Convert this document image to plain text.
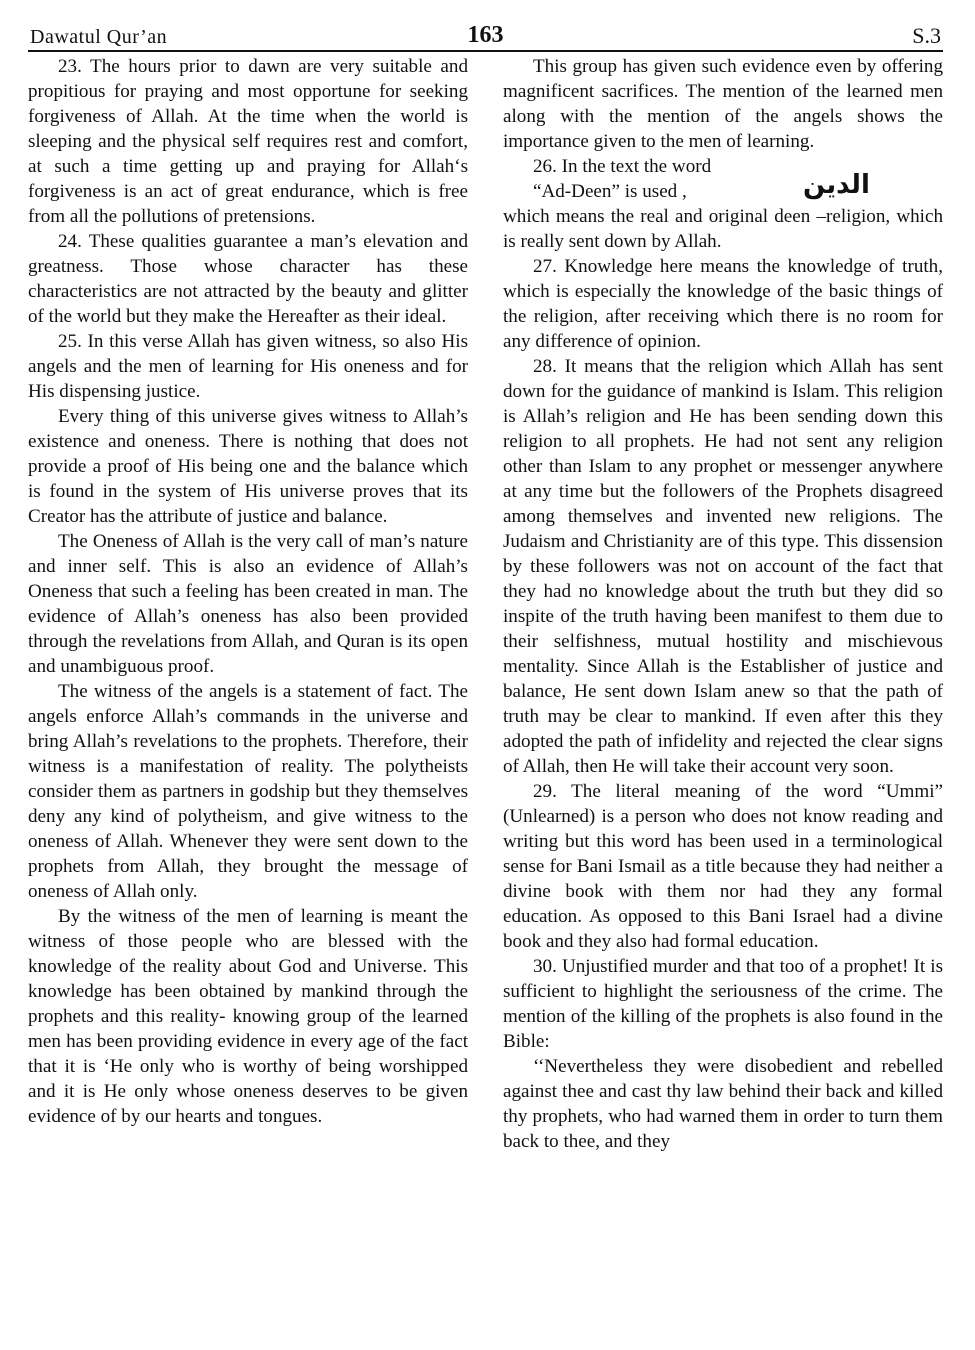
Dawatul Qur’an	163	S.3

23. The hours prior to dawn are very suitable and propitious for praying and most opportune for seeking forgiveness of Allah. At the time when the world is sleeping and the physical self requires rest and comfort, at such a time getting up and praying for Allah‘s forgiveness is an act of great endurance, which is free from all the pollutions of pretensions.

24. These qualities guarantee a man’s elevation and greatness. Those whose character has these characteristics are not attracted by the beauty and glitter of the world but they make the Hereafter as their ideal.

25. In this verse Allah has given witness, so also His angels and the men of learning for His oneness and for His dispensing justice.

Every thing of this universe gives witness to Allah’s existence and oneness. There is nothing that does not provide a proof of His being one and the balance which is found in the system of His universe proves that its Creator has the attribute of justice and balance.

The Oneness of Allah is the very call of man’s nature and inner self. This is also an evidence of Allah’s Oneness that such a feeling has been created in man. The evidence of Allah’s oneness has also been provided through the revelations from Allah, and Quran is its open and unambiguous proof.

The witness of the angels is a statement of fact. The angels enforce Allah’s commands in the universe and bring Allah’s revelations to the prophets. Therefore, their witness is a manifestation of reality. The polytheists consider them as partners in godship but they themselves deny any kind of polytheism, and give witness to the oneness of Allah. Whenever they were sent down to the prophets from Allah, they brought the message of oneness of Allah only.

By the witness of the men of learning is meant the witness of those people who are blessed with the knowledge of the reality about God and Universe. This knowledge has been obtained by mankind through the prophets and this reality- knowing group of the learned men has been providing evidence in every age of the fact that it is ‘He only who is worthy of being worshipped and it is He only whose oneness deserves to be given evidence of by our hearts and tongues.

This group has given such evidence even by offering magnificent sacrifices. The mention of the learned men along with the mention of the angels shows the importance given to the men of learning.

26. In the text the word

“Ad-Deen” is used ,	الدين

which means the real and original deen –religion, which is really sent down by Allah.

27. Knowledge here means the knowledge of truth, which is especially the knowledge of the basic things of the religion, after receiving which there is no room for any difference of opinion.

28. It means that the religion which Allah has sent down for the guidance of mankind is Islam. This religion is Allah’s religion and He has been sending down this religion to all prophets. He had not sent any religion other than Islam to any prophet or messenger anywhere at any time but the followers of the Prophets disagreed among themselves and invented new religions. The Judaism and Christianity are of this type. This dissension by these followers was not on account of the fact that they had no knowledge about the truth but they did so inspite of the truth having been manifest to them due to their selfishness, mutual hostility and mischievous mentality. Since Allah is the Establisher of justice and balance, He sent down Islam anew so that the path of truth may be clear to mankind. If even after this they adopted the path of infidelity and rejected the clear signs of Allah, then He will take their account very soon.

29. The literal meaning of the word “Ummi” (Unlearned) is a person who does not know reading and writing but this word has been used in a terminological sense for Bani Ismail as a title because they had neither a divine book with them nor had they any formal education. As opposed to this Bani Israel had a divine book and they also had formal education.

30. Unjustified murder and that too of a prophet! It is sufficient to highlight the seriousness of the crime. The mention of the killing of the prophets is also found in the Bible:

‘‘Nevertheless they were disobedient and rebelled against thee and cast thy law behind their back and killed thy prophets, who had warned them in order to turn them back to thee, and they
